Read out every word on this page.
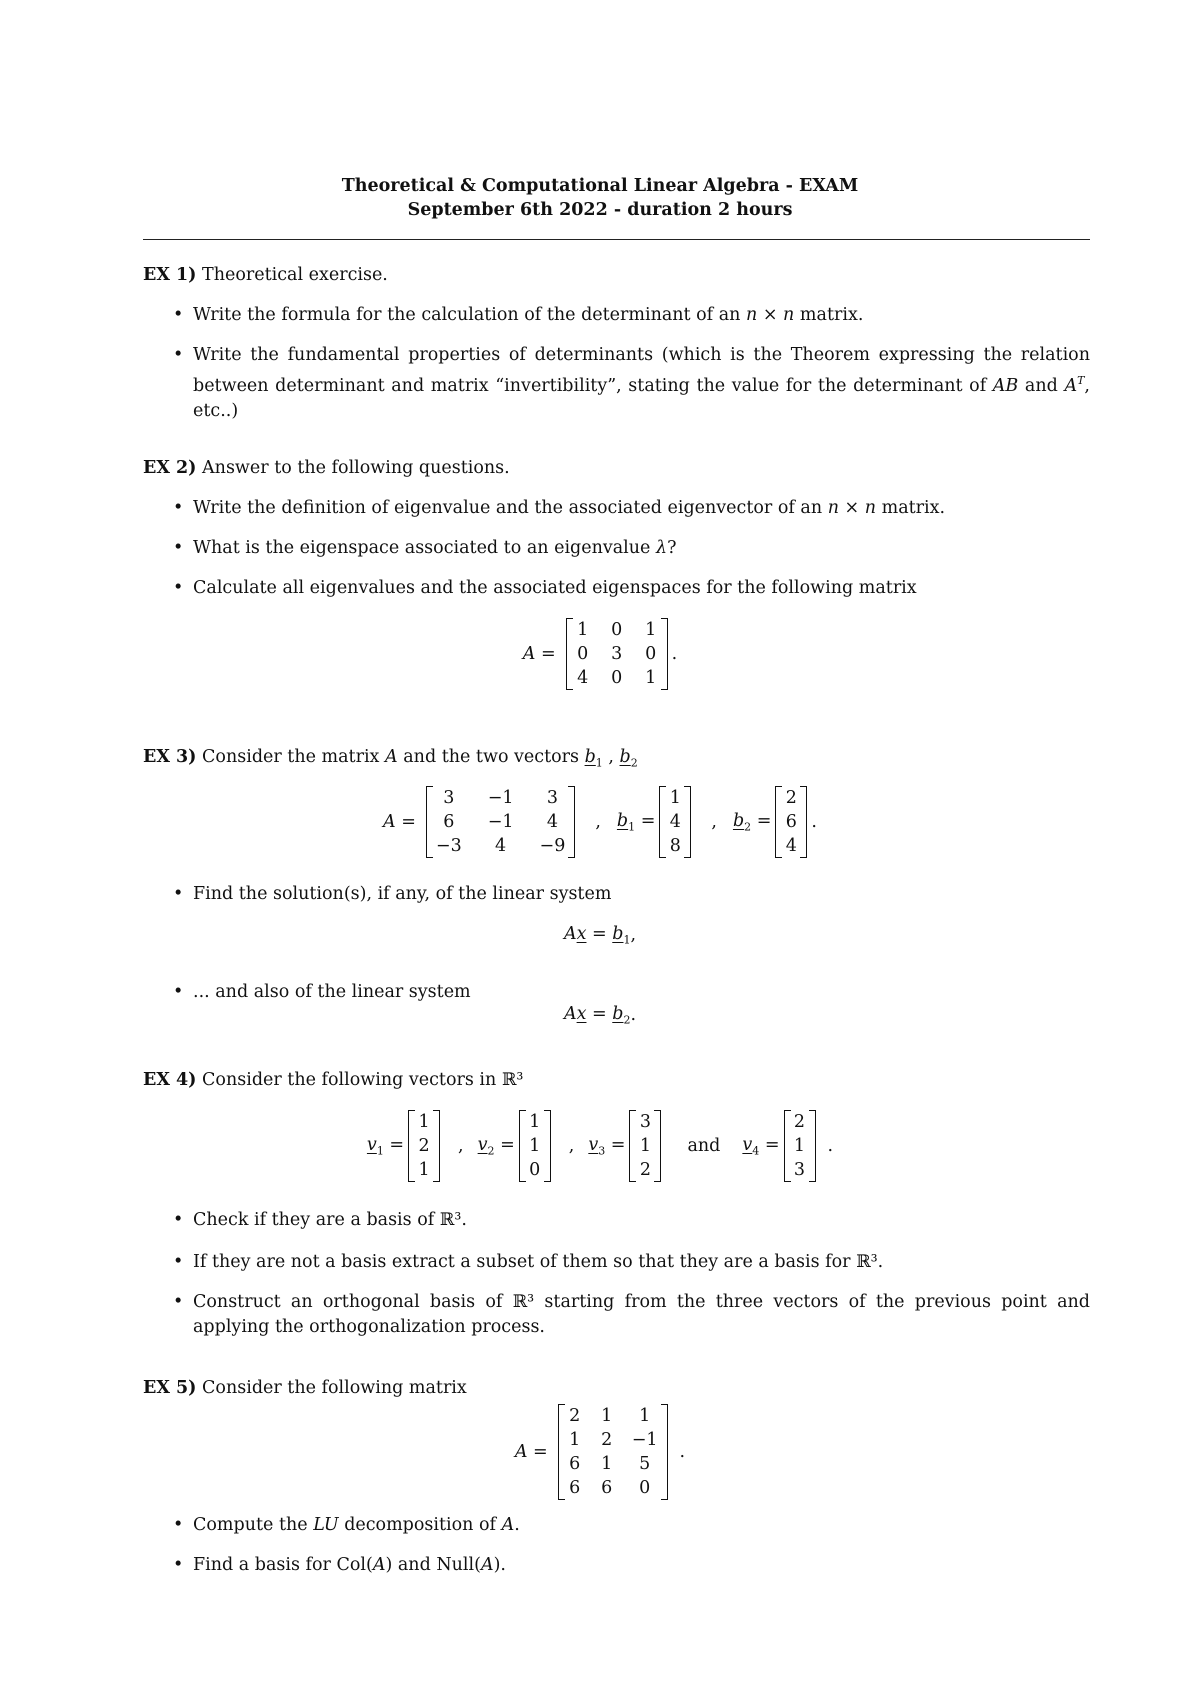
Theoretical & Computational Linear Algebra - EXAM
September 6th 2022 - duration 2 hours
EX 1) Theoretical exercise.
• Write the formula for the calculation of the determinant of an n × n matrix.
• Write the fundamental properties of determinants (which is the Theorem expressing the relation between determinant and matrix “invertibility”, stating the value for the determinant of AB and $A^T$, etc..)
EX 2) Answer to the following questions.
• Write the definition of eigenvalue and the associated eigenvector of an n × n matrix.
• What is the eigenspace associated to an eigenvalue λ?
• Calculate all eigenvalues and the associated eigenspaces for the following matrix
A =
1 0 1
0 3 0
4 0 1
.
EX 3) Consider the matrix A and the two vectors $b_1$ , $b_2$
A =
3	−1	3
6	−1	4
−3	4	−9
, $b_1$ =
1
4
8
, $b_2$ =
2
6
4
.
• Find the solution(s), if any, of the linear system
$Ax = b_1$ ,
• ... and also of the linear system
$Ax = b_2$ .
EX 4) Consider the following vectors in ℝ³
$v_1$ =
1
2
1
, $v_2$ =
1
1
0
, $v_3$ =
3
1
2
and $v_4$ =
2
1
3
.
• Check if they are a basis of ℝ³.
• If they are not a basis extract a subset of them so that they are a basis for ℝ³.
• Construct an orthogonal basis of ℝ³ starting from the three vectors of the previous point and applying the orthogonalization process.
EX 5) Consider the following matrix
A =
2 1	1
1 2 −1
6 1	5
6 6	0
.
• Compute the LU decomposition of A.
• Find a basis for Col(A) and Null(A).
